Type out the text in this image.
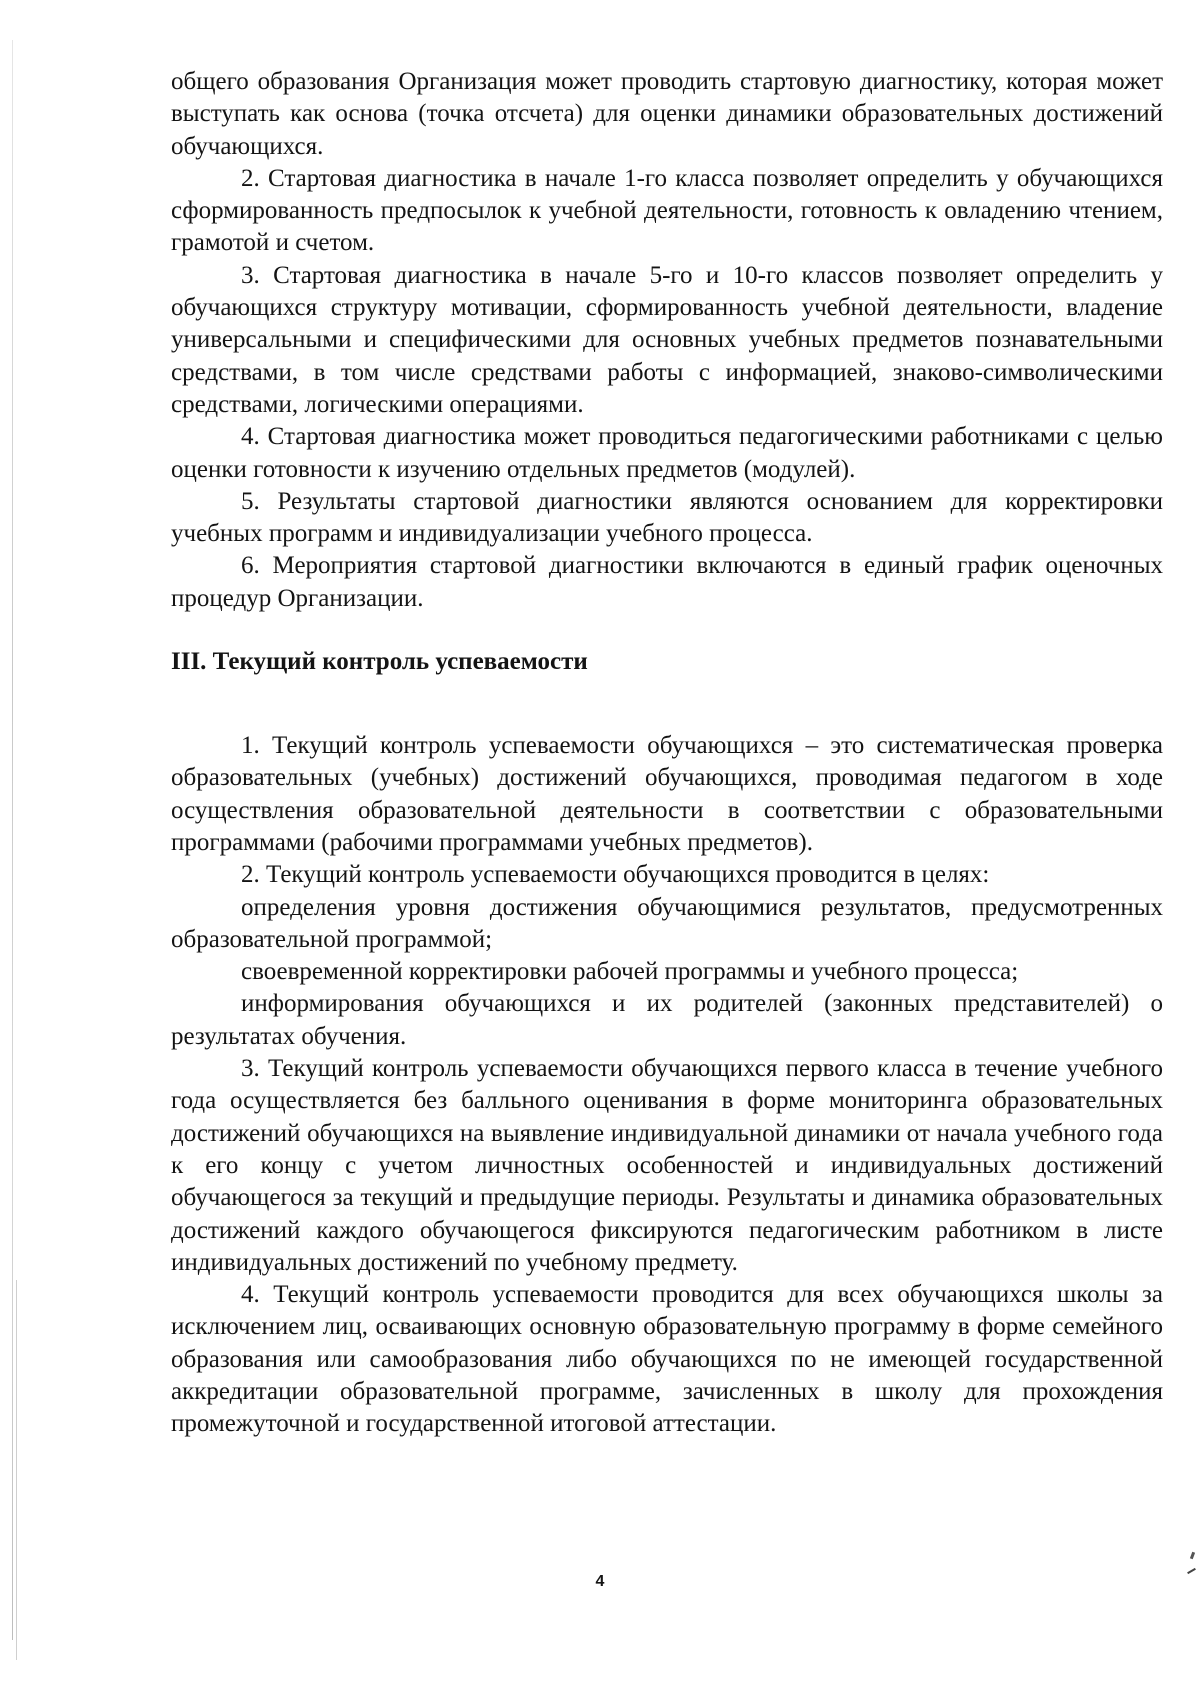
общего образования Организация может проводить стартовую диагностику, которая может выступать как основа (точка отсчета) для оценки динамики образовательных достижений обучающихся.

2. Стартовая диагностика в начале 1-го класса позволяет определить у обучающихся сформированность предпосылок к учебной деятельности, готовность к овладению чтением, грамотой и счетом.

3. Стартовая диагностика в начале 5-го и 10-го классов позволяет определить у обучающихся структуру мотивации, сформированность учебной деятельности, владение универсальными и специфическими для основных учебных предметов познавательными средствами, в том числе средствами работы с информацией, знаково-символическими средствами, логическими операциями.

4. Стартовая диагностика может проводиться педагогическими работниками с целью оценки готовности к изучению отдельных предметов (модулей).

5. Результаты стартовой диагностики являются основанием для корректировки учебных программ и индивидуализации учебного процесса.

6. Мероприятия стартовой диагностики включаются в единый график оценочных процедур Организации.

III. Текущий контроль успеваемости

1. Текущий контроль успеваемости обучающихся – это систематическая проверка образовательных (учебных) достижений обучающихся, проводимая педагогом в ходе осуществления образовательной деятельности в соответствии с образовательными программами (рабочими программами учебных предметов).

2. Текущий контроль успеваемости обучающихся проводится в целях:

определения уровня достижения обучающимися результатов, предусмотренных образовательной программой;

своевременной корректировки рабочей программы и учебного процесса;

информирования обучающихся и их родителей (законных представителей) о результатах обучения.

3. Текущий контроль успеваемости обучающихся первого класса в течение учебного года осуществляется без балльного оценивания в форме мониторинга образовательных достижений обучающихся на выявление индивидуальной динамики от начала учебного года к его концу с учетом личностных особенностей и индивидуальных достижений обучающегося за текущий и предыдущие периоды. Результаты и динамика образовательных достижений каждого обучающегося фиксируются педагогическим работником в листе индивидуальных достижений по учебному предмету.

4. Текущий контроль успеваемости проводится для всех обучающихся школы за исключением лиц, осваивающих основную образовательную программу в форме семейного образования или самообразования либо обучающихся по не имеющей государственной аккредитации образовательной программе, зачисленных в школу для прохождения промежуточной и государственной итоговой аттестации.

4
